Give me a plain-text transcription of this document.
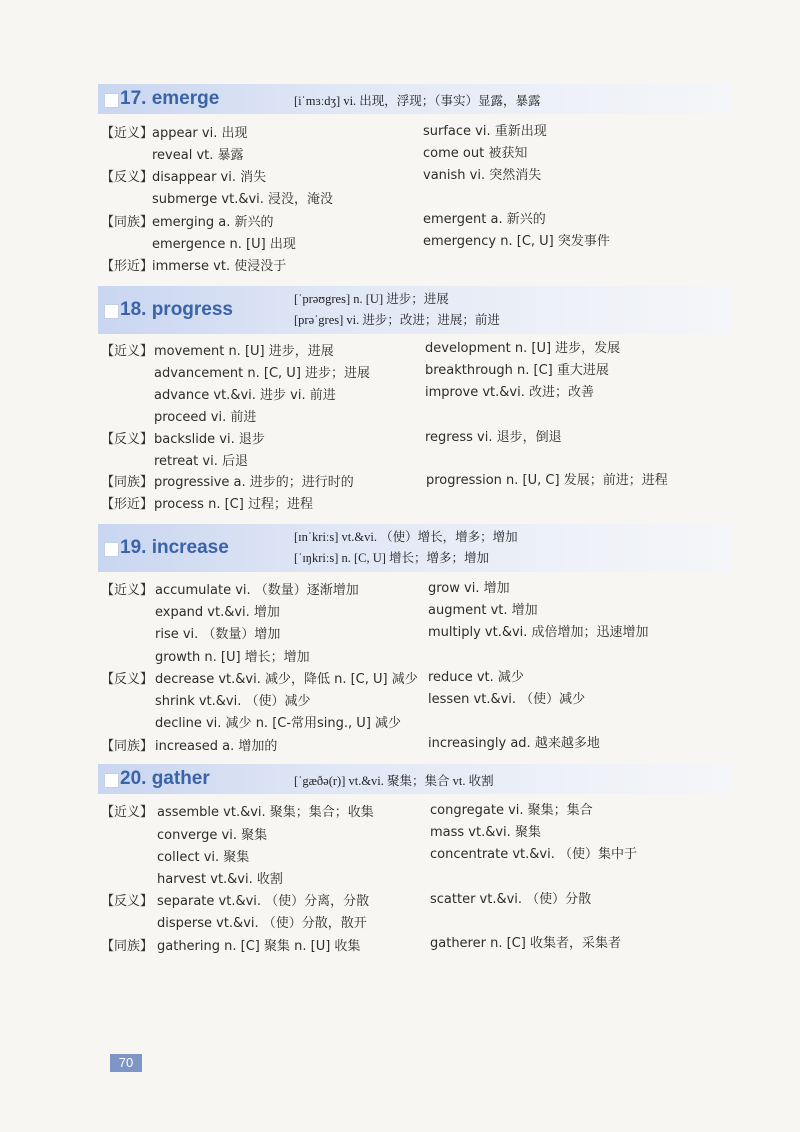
17. emerge	[iˈmɜːdʒ] vi. 出现，浮现；（事实）显露，暴露
【近义】
appear vi. 出现	surface vi. 重新出现
reveal vt. 暴露	come out 被获知
【反义】
disappear vi. 消失	vanish vi. 突然消失
submerge vt.&vi. 浸没，淹没
【同族】
emerging a. 新兴的	emergent a. 新兴的
emergence n. [U] 出现	emergency n. [C, U] 突发事件
【形近】
immerse vt. 使浸没于
18. progress	[ˈprəʊgres] n. [U] 进步；进展
[prəˈgres] vi. 进步；改进；进展；前进
【近义】 movement n. [U] 进步，进展	development n. [U] 进步，发展
advancement n. [C, U] 进步；进展	breakthrough n. [C] 重大进展
advance vt.&vi. 进步 vi. 前进	improve vt.&vi. 改进；改善
proceed vi. 前进
【反义】 backslide vi. 退步	regress vi. 退步，倒退
retreat vi. 后退
【同族】 progressive a. 进步的；进行时的	progression n. [U, C] 发展；前进；进程
【形近】 process n. [C] 过程；进程
19. increase	[ɪnˈkriːs] vt.&vi. （使）增长，增多；增加
[ˈɪŋkriːs] n. [C, U] 增长；增多；增加
【近义】 accumulate vi. （数量）逐渐增加	grow vi. 增加
expand vt.&vi. 增加	augment vt. 增加
rise vi. （数量）增加	multiply vt.&vi. 成倍增加；迅速增加
growth n. [U] 增长；增加
【反义】 decrease vt.&vi. 减少，降低 n. [C, U] 减少 reduce vt. 减少
shrink vt.&vi. （使）减少	lessen vt.&vi. （使）减少
decline vi. 减少 n. [C-常用sing., U] 减少
【同族】 increased a. 增加的	increasingly ad. 越来越多地
20. gather	[ˈgæðə(r)] vt.&vi. 聚集；集合 vt. 收割
【近义】 assemble vt.&vi. 聚集；集合；收集	congregate vi. 聚集；集合
converge vi. 聚集	mass vt.&vi. 聚集
collect vi. 聚集	concentrate vt.&vi. （使）集中于
harvest vt.&vi. 收割
【反义】 separate vt.&vi. （使）分离，分散	scatter vt.&vi. （使）分散
disperse vt.&vi. （使）分散，散开
【同族】 gathering n. [C] 聚集 n. [U] 收集	gatherer n. [C] 收集者，采集者
70
